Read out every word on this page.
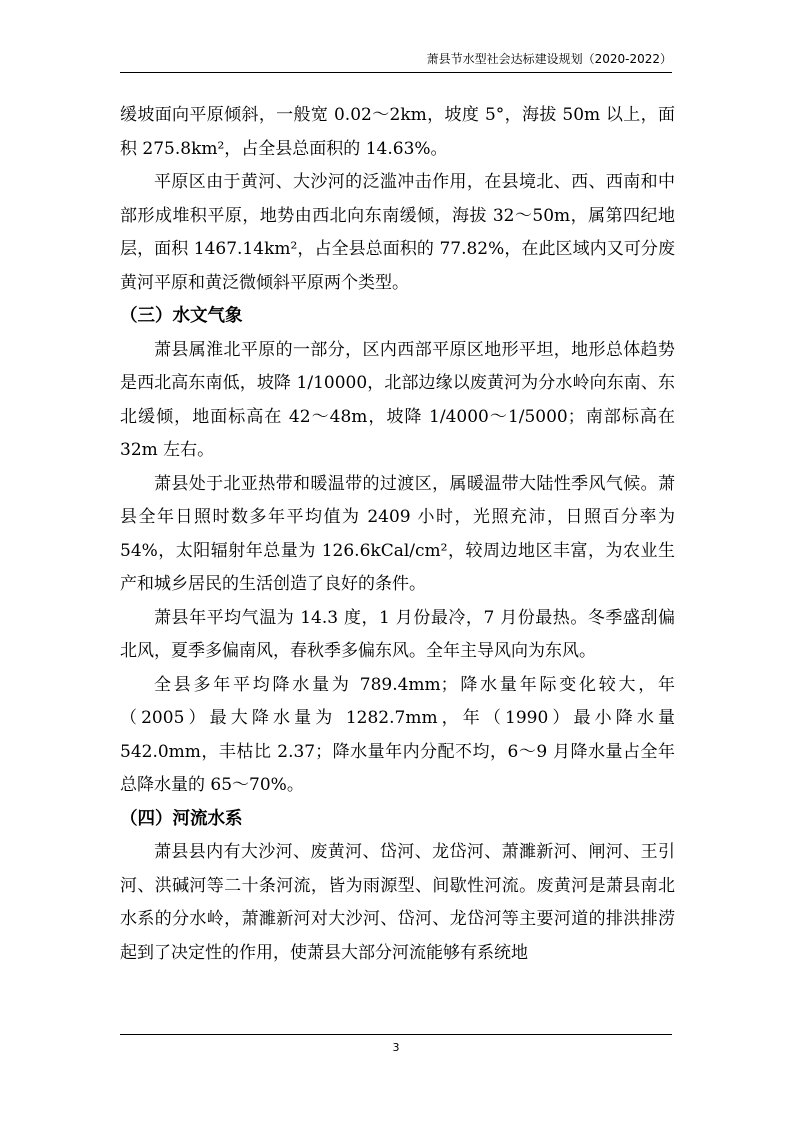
萧县节水型社会达标建设规划（2020-2022）

缓坡面向平原倾斜，一般宽 0.02～2km，坡度 5°，海拔 50m 以上，面积 275.8km²，占全县总面积的 14.63%。

平原区由于黄河、大沙河的泛滥冲击作用，在县境北、西、西南和中部形成堆积平原，地势由西北向东南缓倾，海拔 32～50m，属第四纪地层，面积 1467.14km²，占全县总面积的 77.82%，在此区域内又可分废黄河平原和黄泛微倾斜平原两个类型。

（三）水文气象

萧县属淮北平原的一部分，区内西部平原区地形平坦，地形总体趋势是西北高东南低，坡降 1/10000，北部边缘以废黄河为分水岭向东南、东北缓倾，地面标高在 42～48m，坡降 1/4000～1/5000；南部标高在 32m 左右。

萧县处于北亚热带和暖温带的过渡区，属暖温带大陆性季风气候。萧县全年日照时数多年平均值为 2409 小时，光照充沛，日照百分率为 54%，太阳辐射年总量为 126.6kCal/cm²，较周边地区丰富，为农业生产和城乡居民的生活创造了良好的条件。

萧县年平均气温为 14.3 度，1 月份最冷，7 月份最热。冬季盛刮偏北风，夏季多偏南风，春秋季多偏东风。全年主导风向为东风。

全县多年平均降水量为 789.4mm；降水量年际变化较大，年（2005）最大降水量为 1282.7mm，年（1990）最小降水量 542.0mm，丰枯比 2.37；降水量年内分配不均，6～9 月降水量占全年总降水量的 65～70%。

（四）河流水系

萧县县内有大沙河、废黄河、岱河、龙岱河、萧濉新河、闸河、王引河、洪碱河等二十条河流，皆为雨源型、间歇性河流。废黄河是萧县南北水系的分水岭，萧濉新河对大沙河、岱河、龙岱河等主要河道的排洪排涝起到了决定性的作用，使萧县大部分河流能够有系统地

3
